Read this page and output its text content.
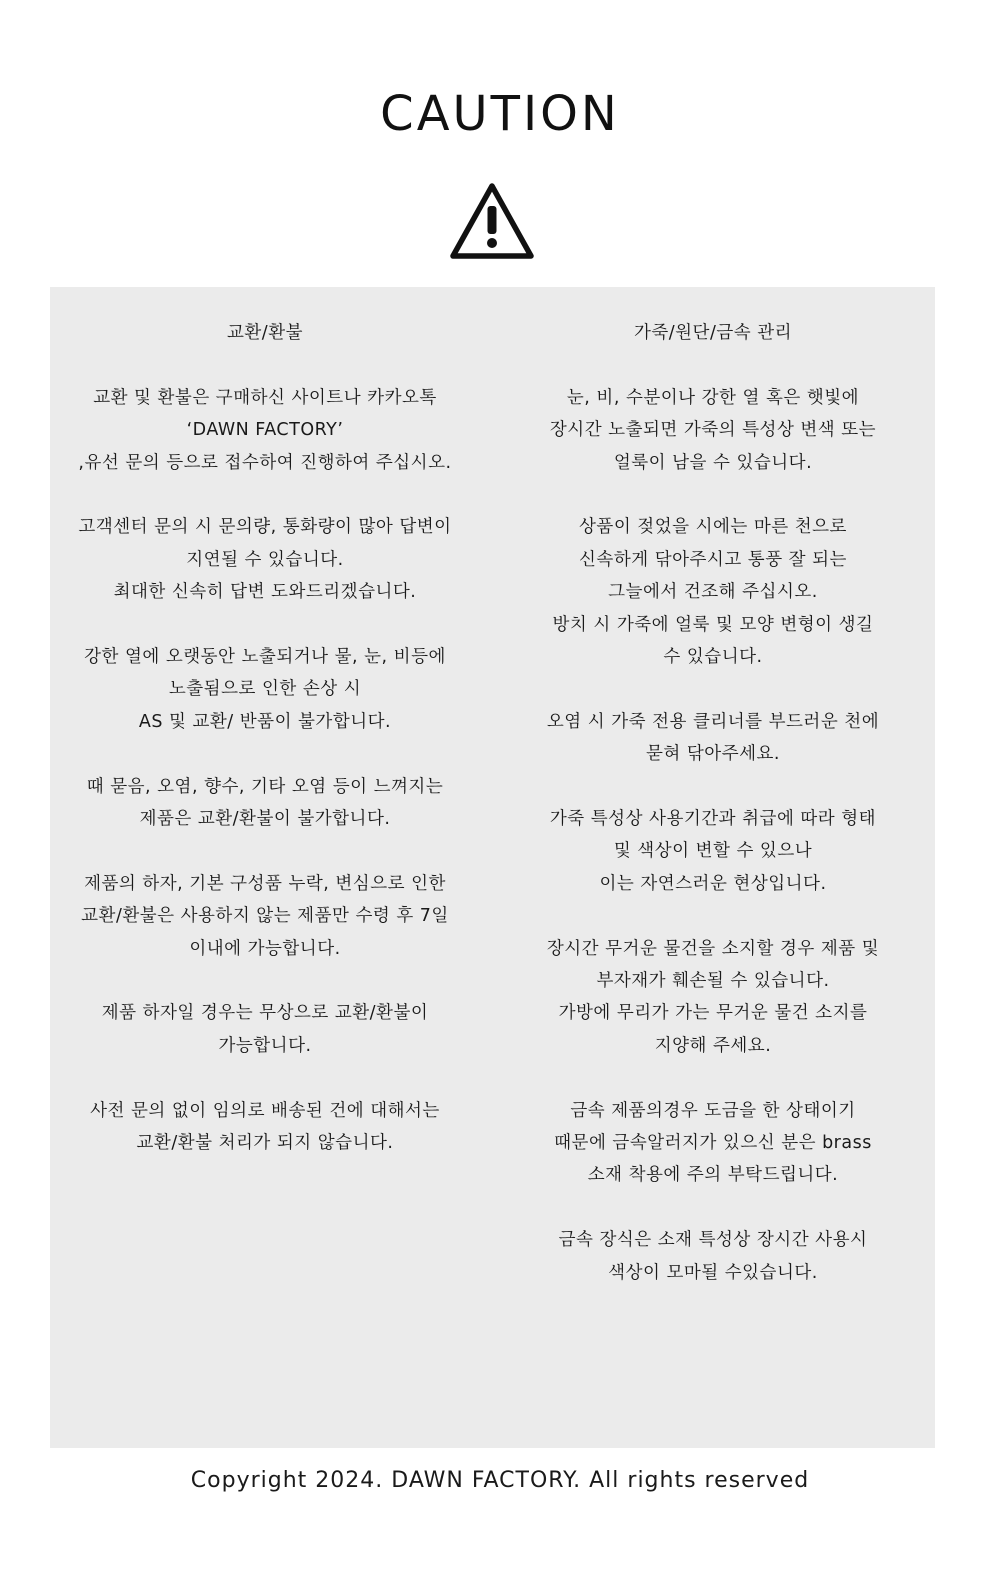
CAUTION
교환/환불
교환 및 환불은 구매하신 사이트나 카카오톡
‘DAWN FACTORY’
,유선 문의 등으로 접수하여 진행하여 주십시오.
고객센터 문의 시 문의량, 통화량이 많아 답변이
지연될 수 있습니다.
최대한 신속히 답변 도와드리겠습니다.
강한 열에 오랫동안 노출되거나 물, 눈, 비등에
노출됨으로 인한 손상 시
AS 및 교환/ 반품이 불가합니다.
때 묻음, 오염, 향수, 기타 오염 등이 느껴지는
제품은 교환/환불이 불가합니다.
제품의 하자, 기본 구성품 누락, 변심으로 인한
교환/환불은 사용하지 않는 제품만 수령 후 7일
이내에 가능합니다.
제품 하자일 경우는 무상으로 교환/환불이
가능합니다.
사전 문의 없이 임의로 배송된 건에 대해서는
교환/환불 처리가 되지 않습니다.
가죽/원단/금속 관리
눈, 비, 수분이나 강한 열 혹은 햇빛에
장시간 노출되면 가죽의 특성상 변색 또는
얼룩이 남을 수 있습니다.
상품이 젖었을 시에는 마른 천으로
신속하게 닦아주시고 통풍 잘 되는
그늘에서 건조해 주십시오.
방치 시 가죽에 얼룩 및 모양 변형이 생길
수 있습니다.
오염 시 가죽 전용 클리너를 부드러운 천에
묻혀 닦아주세요.
가죽 특성상 사용기간과 취급에 따라 형태
및 색상이 변할 수 있으나
이는 자연스러운 현상입니다.
장시간 무거운 물건을 소지할 경우 제품 및
부자재가 훼손될 수 있습니다.
가방에 무리가 가는 무거운 물건 소지를
지양해 주세요.
금속 제품의경우 도금을 한 상태이기
때문에 금속알러지가 있으신 분은 brass
소재 착용에 주의 부탁드립니다.
금속 장식은 소재 특성상 장시간 사용시
색상이 모마될 수있습니다.
Copyright 2024. DAWN FACTORY. All rights reserved
